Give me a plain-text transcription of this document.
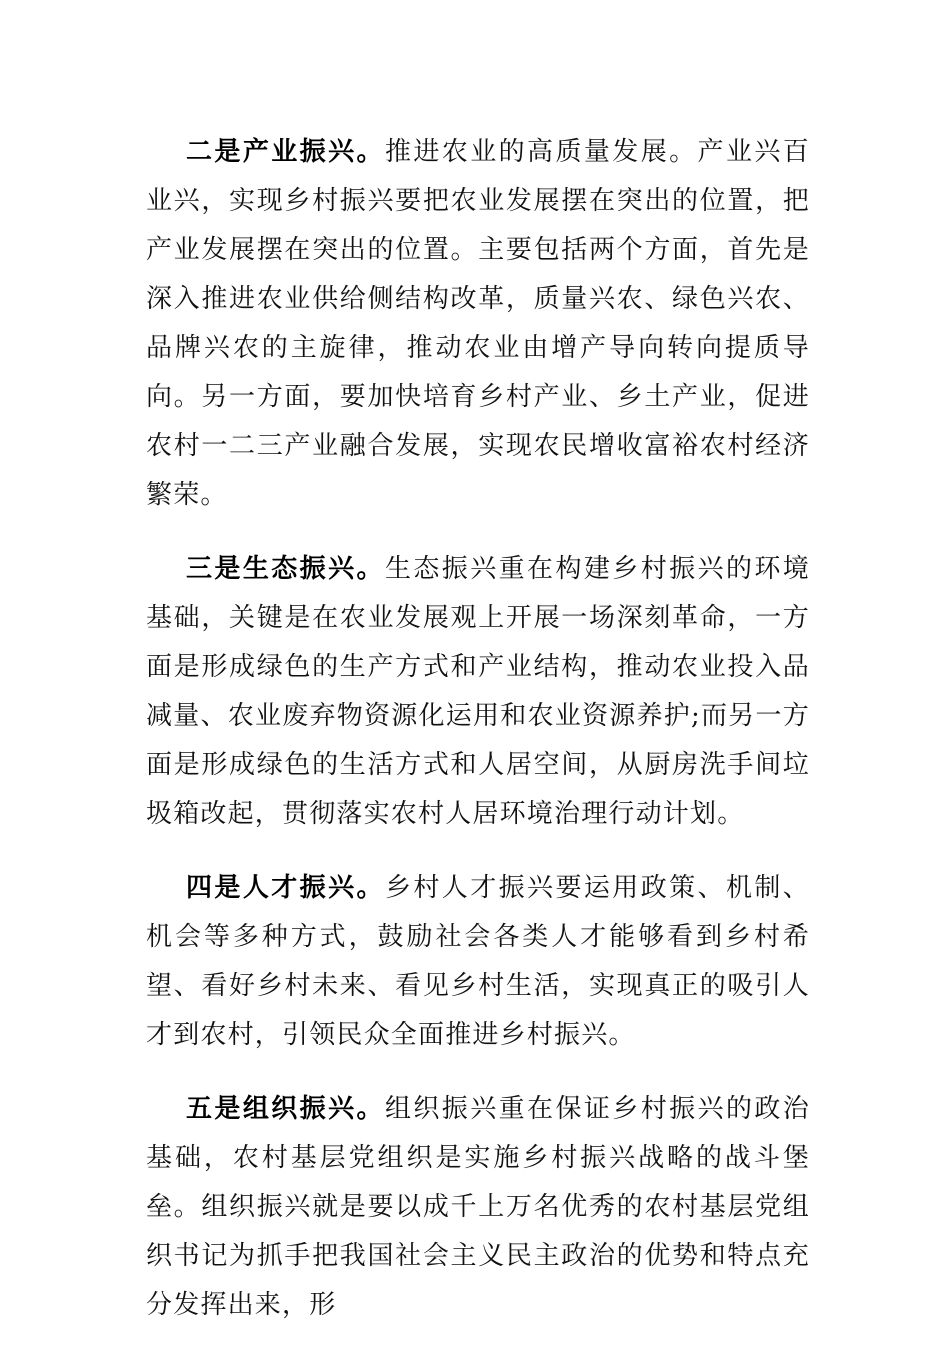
二是产业振兴。推进农业的高质量发展。产业兴百业兴，实现乡村振兴要把农业发展摆在突出的位置，把产业发展摆在突出的位置。主要包括两个方面，首先是深入推进农业供给侧结构改革，质量兴农、绿色兴农、品牌兴农的主旋律，推动农业由增产导向转向提质导向。另一方面，要加快培育乡村产业、乡土产业，促进农村一二三产业融合发展，实现农民增收富裕农村经济繁荣。

三是生态振兴。生态振兴重在构建乡村振兴的环境基础，关键是在农业发展观上开展一场深刻革命，一方面是形成绿色的生产方式和产业结构，推动农业投入品减量、农业废弃物资源化运用和农业资源养护;而另一方面是形成绿色的生活方式和人居空间，从厨房洗手间垃圾箱改起，贯彻落实农村人居环境治理行动计划。

四是人才振兴。乡村人才振兴要运用政策、机制、机会等多种方式，鼓励社会各类人才能够看到乡村希望、看好乡村未来、看见乡村生活，实现真正的吸引人才到农村，引领民众全面推进乡村振兴。

五是组织振兴。组织振兴重在保证乡村振兴的政治基础，农村基层党组织是实施乡村振兴战略的战斗堡垒。组织振兴就是要以成千上万名优秀的农村基层党组织书记为抓手把我国社会主义民主政治的优势和特点充分发挥出来，形
